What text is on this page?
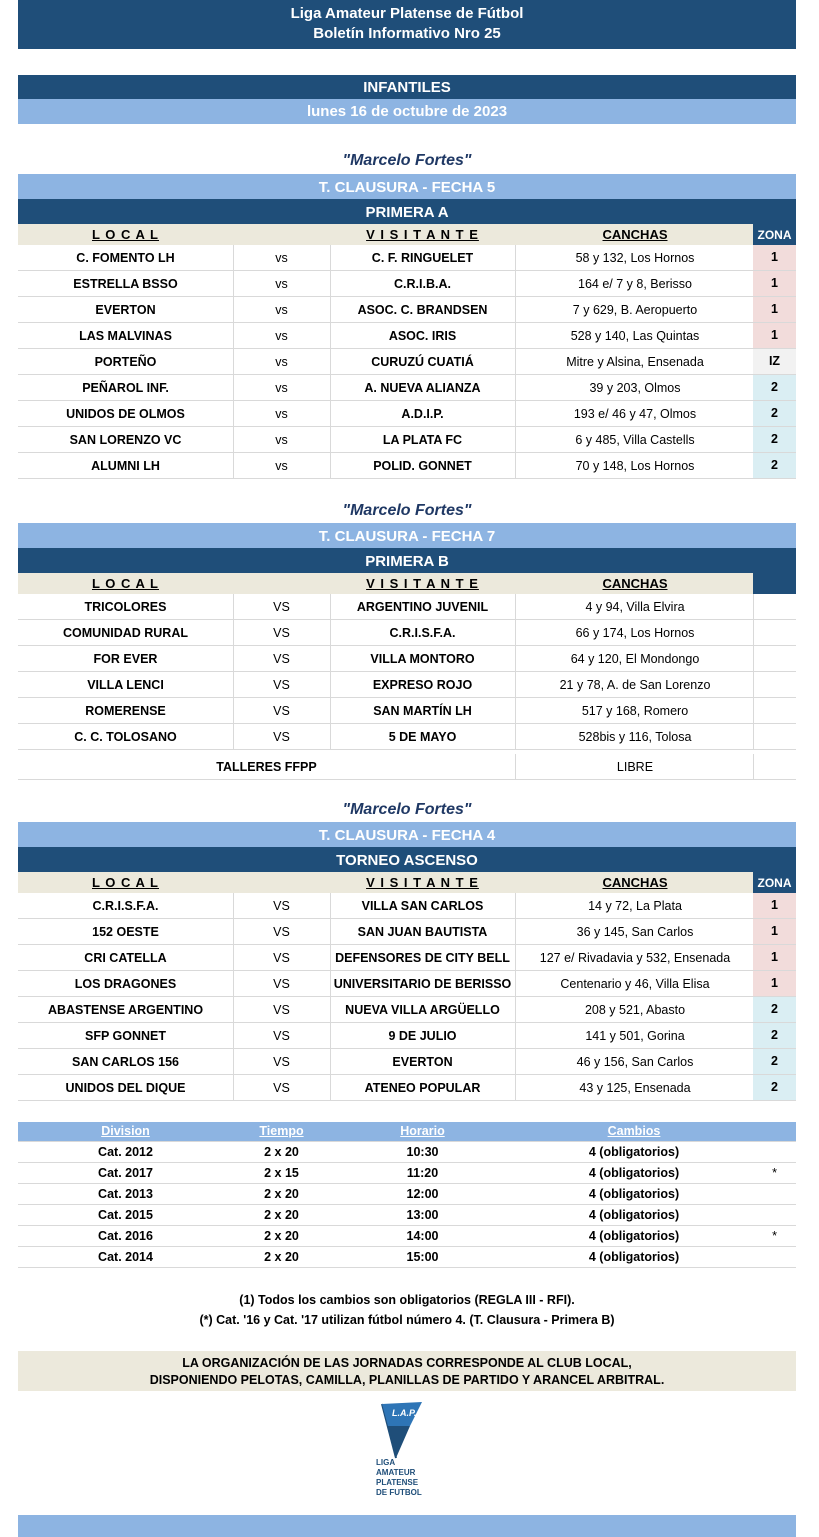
Liga Amateur Platense de Fútbol
Boletín Informativo Nro 25
INFANTILES
lunes 16 de octubre de 2023
"Marcelo Fortes"
T. CLAUSURA - FECHA 5
PRIMERA A
L O C A L	V I S I T A N T E	CANCHAS	ZONA
C. FOMENTO LH	vs	C. F. RINGUELET	58 y 132, Los Hornos	1
ESTRELLA BSSO	vs	C.R.I.B.A.	164 e/ 7 y 8, Berisso	1
EVERTON	vs	ASOC. C. BRANDSEN	7 y 629, B. Aeropuerto	1
LAS MALVINAS	vs	ASOC. IRIS	528 y 140, Las Quintas	1
PORTEÑO	vs	CURUZÚ CUATIÁ	Mitre y Alsina, Ensenada	IZ
PEÑAROL INF.	vs	A. NUEVA ALIANZA	39 y 203, Olmos	2
UNIDOS DE OLMOS	vs	A.D.I.P.	193 e/ 46 y 47, Olmos	2
SAN LORENZO VC	vs	LA PLATA FC	6 y 485, Villa Castells	2
ALUMNI LH	vs	POLID. GONNET	70 y 148, Los Hornos	2
"Marcelo Fortes"
T. CLAUSURA - FECHA 7
PRIMERA B
L O C A L	V I S I T A N T E	CANCHAS
TRICOLORES	VS	ARGENTINO JUVENIL	4 y 94, Villa Elvira
COMUNIDAD RURAL	VS	C.R.I.S.F.A.	66 y 174, Los Hornos
FOR EVER	VS	VILLA MONTORO	64 y 120, El Mondongo
VILLA LENCI	VS	EXPRESO ROJO	21 y 78, A. de San Lorenzo
ROMERENSE	VS	SAN MARTÍN LH	517 y 168, Romero
C. C. TOLOSANO	VS	5 DE MAYO	528bis y 116, Tolosa
TALLERES FFPP	LIBRE
"Marcelo Fortes"
T. CLAUSURA - FECHA 4
TORNEO ASCENSO
L O C A L	V I S I T A N T E	CANCHAS	ZONA
C.R.I.S.F.A.	VS	VILLA SAN CARLOS	14 y 72, La Plata	1
152 OESTE	VS	SAN JUAN BAUTISTA	36 y 145, San Carlos	1
CRI CATELLA	VS	DEFENSORES DE CITY BELL	127 e/ Rivadavia y 532, Ensenada	1
LOS DRAGONES	VS	UNIVERSITARIO DE BERISSO	Centenario y 46, Villa Elisa	1
ABASTENSE ARGENTINO	VS	NUEVA VILLA ARGÜELLO	208 y 521, Abasto	2
SFP GONNET	VS	9 DE JULIO	141 y 501, Gorina	2
SAN CARLOS 156	VS	EVERTON	46 y 156, San Carlos	2
UNIDOS DEL DIQUE	VS	ATENEO POPULAR	43 y 125, Ensenada	2
Division	Tiempo	Horario	Cambios
Cat. 2012	2 x 20	10:30	4 (obligatorios)
Cat. 2017	2 x 15	11:20	4 (obligatorios)	*
Cat. 2013	2 x 20	12:00	4 (obligatorios)
Cat. 2015	2 x 20	13:00	4 (obligatorios)
Cat. 2016	2 x 20	14:00	4 (obligatorios)	*
Cat. 2014	2 x 20	15:00	4 (obligatorios)
(1) Todos los cambios son obligatorios (REGLA III - RFI).
(*) Cat. '16 y Cat. '17 utilizan fútbol número 4. (T. Clausura - Primera B)
LA ORGANIZACIÓN DE LAS JORNADAS CORRESPONDE AL CLUB LOCAL,
DISPONIENDO PELOTAS, CAMILLA, PLANILLAS DE PARTIDO Y ARANCEL ARBITRAL.
L.A.P.
LIGA
AMATEUR
PLATENSE
DE FUTBOL
